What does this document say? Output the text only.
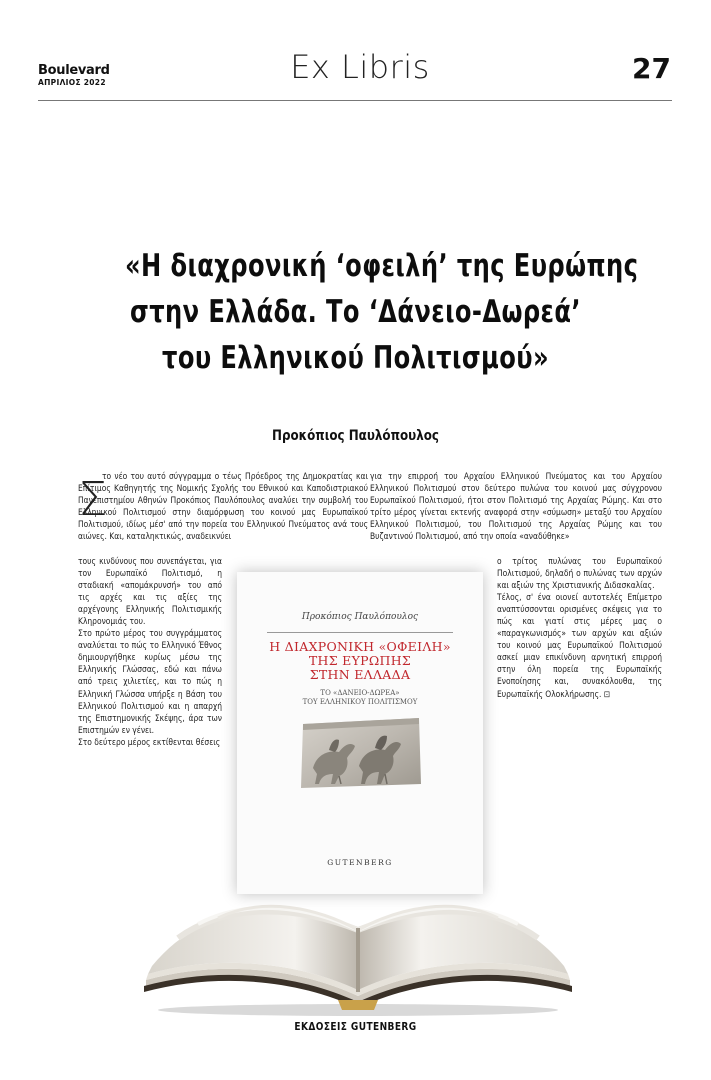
Boulevard
ΑΠΡΙΛΙΟΣ 2022	Ex Libris	27
«Η διαχρονική ‘οφειλή’ της Ευρώπης
στην Ελλάδα. Το ‘Δάνειο-Δωρεά’
του Ελληνικού Πολιτισμού»
Προκόπιος Παυλόπουλος
Σ

το νέο του αυτό σύγγραμμα ο τέως Πρόεδρος της Δημοκρατίας και Επίτιμος Καθηγητής της Νομικής Σχολής του Εθνικού και Καποδιστριακού Πανεπιστημίου Αθηνών Προκόπιος Παυλόπουλος αναλύει την συμβολή του Ελληνικού Πολιτισμού στην διαμόρφωση του κοινού μας Ευρωπαϊκού Πολιτισμού, ιδίως μέσ' από την πορεία του Ελληνικού Πνεύματος ανά τους αιώνες. Και, καταληκτικώς, αναδεικνύει

τους κινδύνους που συνεπάγεται, για τον Ευρωπαϊκό Πολιτισμό, η σταδιακή «απομάκρυνσή» του από τις αρχές και τις αξίες της αρχέγονης Ελληνικής Πολιτισμικής Κληρονομιάς του.

Στο πρώτο μέρος του συγγράμματος αναλύεται το πώς το Ελληνικό Έθνος δημιουργήθηκε κυρίως μέσω της Ελληνικής Γλώσσας, εδώ και πάνω από τρεις χιλιετίες, και το πώς η Ελληνική Γλώσσα υπήρξε η Βάση του Ελληνικού Πολιτισμού και η απαρχή της Επιστημονικής Σκέψης, άρα των Επιστημών εν γένει.

Στο δεύτερο μέρος εκτίθενται θέσεις

για την επιρροή του Αρχαίου Ελληνικού Πνεύματος και του Αρχαίου Ελληνικού Πολιτισμού στον δεύτερο πυλώνα του κοινού μας σύγχρονου Ευρωπαϊκού Πολιτισμού, ήτοι στον Πολιτισμό της Αρχαίας Ρώμης. Και στο τρίτο μέρος γίνεται εκτενής αναφορά στην «σύμωση» μεταξύ του Αρχαίου Ελληνικού Πολιτισμού, του Πολιτισμού της Αρχαίας Ρώμης και του Βυζαντινού Πολιτισμού, από την οποία «αναδύθηκε»

ο τρίτος πυλώνας του Ευρωπαϊκού Πολιτισμού, δηλαδή ο πυλώνας των αρχών και αξιών της Χριστιανικής Διδασκαλίας.

Τέλος, σ' ένα οιονεί αυτοτελές Επίμετρο αναπτύσσονται ορισμένες σκέψεις για το πώς και γιατί στις μέρες μας ο «παραγκωνισμός» των αρχών και αξιών του κοινού μας Ευρωπαϊκού Πολιτισμού ασκεί μιαν επικίνδυνη αρνητική επιρροή στην όλη πορεία της Ευρωπαϊκής Ενοποίησης και, συνακόλουθα, της Ευρωπαϊκής Ολοκλήρωσης. ⊡

Προκόπιος Παυλόπουλος
Η ΔΙΑΧΡΟΝΙΚΗ «ΟΦΕΙΛΗ»
ΤΗΣ ΕΥΡΩΠΗΣ
ΣΤΗΝ ΕΛΛΑΔΑ
ΤΟ «ΔΑΝΕΙΟ-ΔΩΡΕΑ»
ΤΟΥ ΕΛΛΗΝΙΚΟΥ ΠΟΛΙΤΙΣΜΟΥ
GUTENBERG
ΕΚΔΟΣΕΙΣ GUTENBERG
